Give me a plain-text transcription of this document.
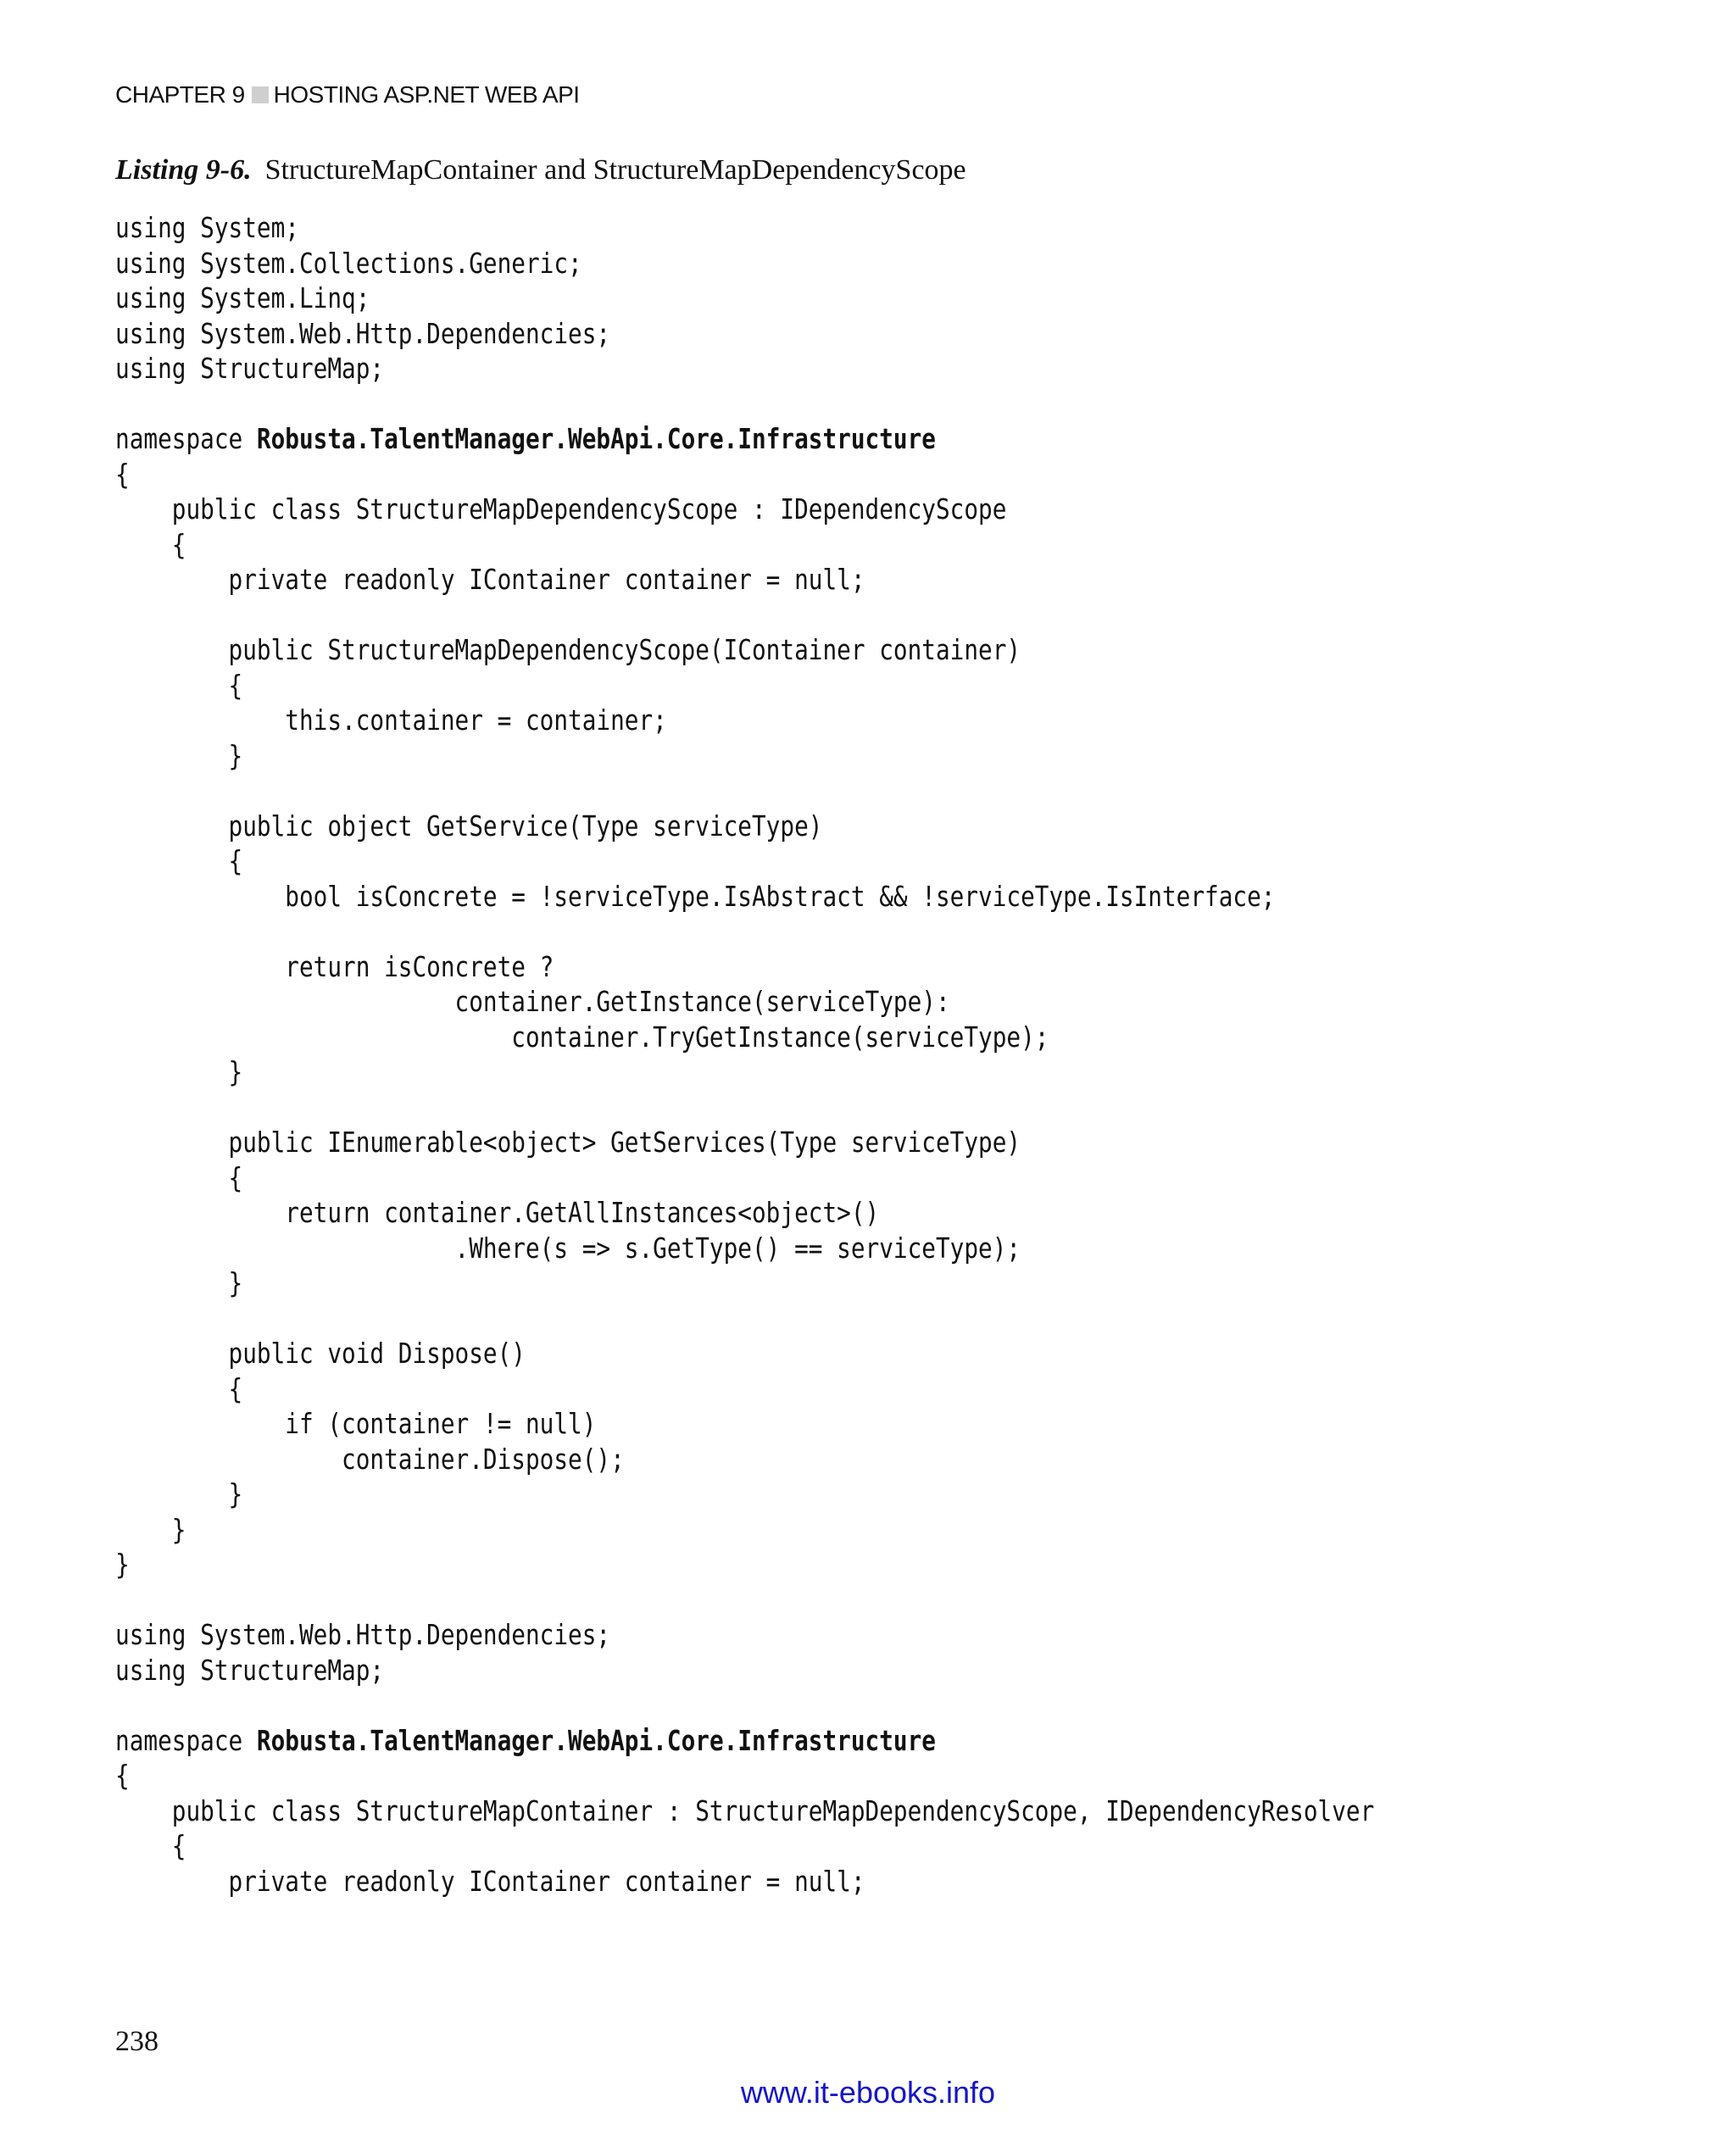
CHAPTER 9 HOSTING ASP.NET WEB API
Listing 9-6. StructureMapContainer and StructureMapDependencyScope
using System;
using System.Collections.Generic;
using System.Linq;
using System.Web.Http.Dependencies;
using StructureMap;
namespace Robusta.TalentManager.WebApi.Core.Infrastructure
{
public class StructureMapDependencyScope : IDependencyScope
{
private readonly IContainer container = null;
public StructureMapDependencyScope(IContainer container)
{
this.container = container;
}
public object GetService(Type serviceType)
{
bool isConcrete = !serviceType.IsAbstract && !serviceType.IsInterface;
return isConcrete ?
container.GetInstance(serviceType):
container.TryGetInstance(serviceType);
}
public IEnumerable<object> GetServices(Type serviceType)
{
return container.GetAllInstances<object>()
.Where(s => s.GetType() == serviceType);
}
public void Dispose()
{
if (container != null)
container.Dispose();
}
}
}
using System.Web.Http.Dependencies;
using StructureMap;
namespace Robusta.TalentManager.WebApi.Core.Infrastructure
{
public class StructureMapContainer : StructureMapDependencyScope, IDependencyResolver
{
private readonly IContainer container = null;
238
www.it-ebooks.info
